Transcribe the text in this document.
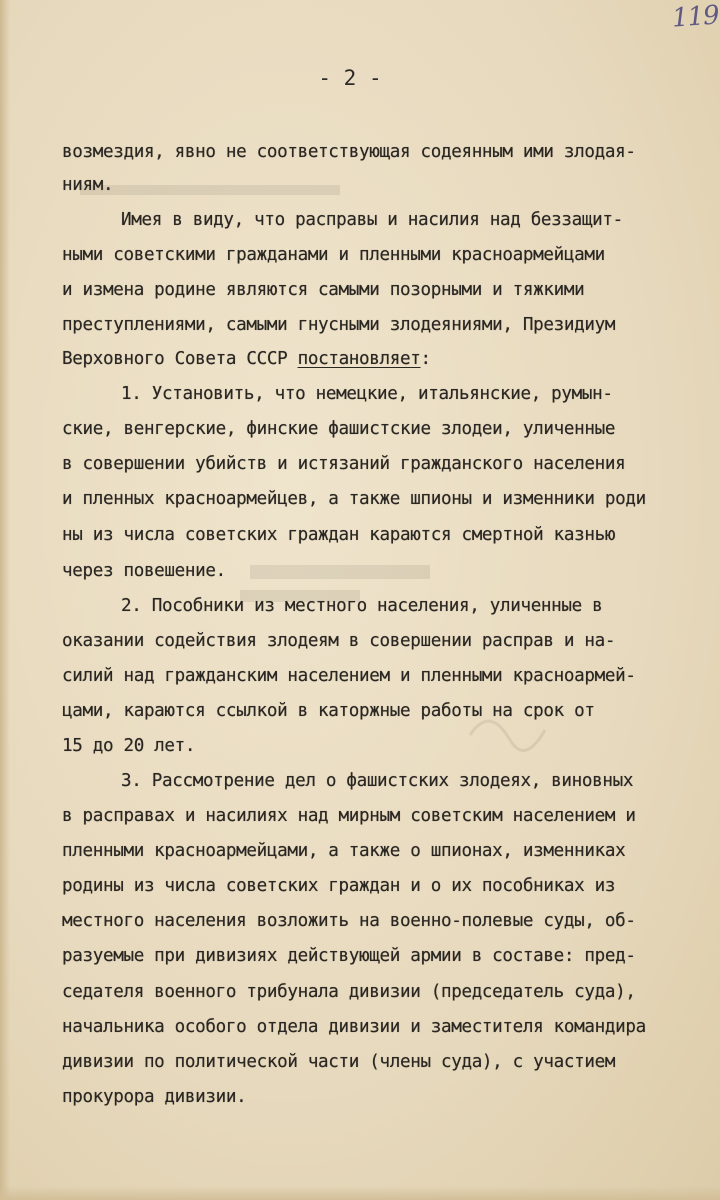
119
- 2 -
возмездия, явно не соответствующая содеянным ими злодая-
ниям.
Имея в виду, что расправы и насилия над беззащит-
ными советскими гражданами и пленными красноармейцами
и измена родине являются самыми позорными и тяжкими
преступлениями, самыми гнусными злодеяниями, Президиум
Верховного Совета СССР постановляет:
1. Установить, что немецкие, итальянские, румын-
ские, венгерские, финские фашистские злодеи, уличенные
в совершении убийств и истязаний гражданского населения
и пленных красноармейцев, а также шпионы и изменники роди
ны из числа советских граждан караются смертной казнью
через повешение.
2. Пособники из местного населения, уличенные в
оказании содействия злодеям в совершении расправ и на-
силий над гражданским населением и пленными красноармей-
цами, караются ссылкой в каторжные работы на срок от
15 до 20 лет.
3. Рассмотрение дел о фашистских злодеях, виновных
в расправах и насилиях над мирным советским населением и
пленными красноармейцами, а также о шпионах, изменниках
родины из числа советских граждан и о их пособниках из
местного населения возложить на военно-полевые суды, об-
разуемые при дивизиях действующей армии в составе: пред-
седателя военного трибунала дивизии (председатель суда),
начальника особого отдела дивизии и заместителя командира
дивизии по политической части (члены суда), с участием
прокурора дивизии.
